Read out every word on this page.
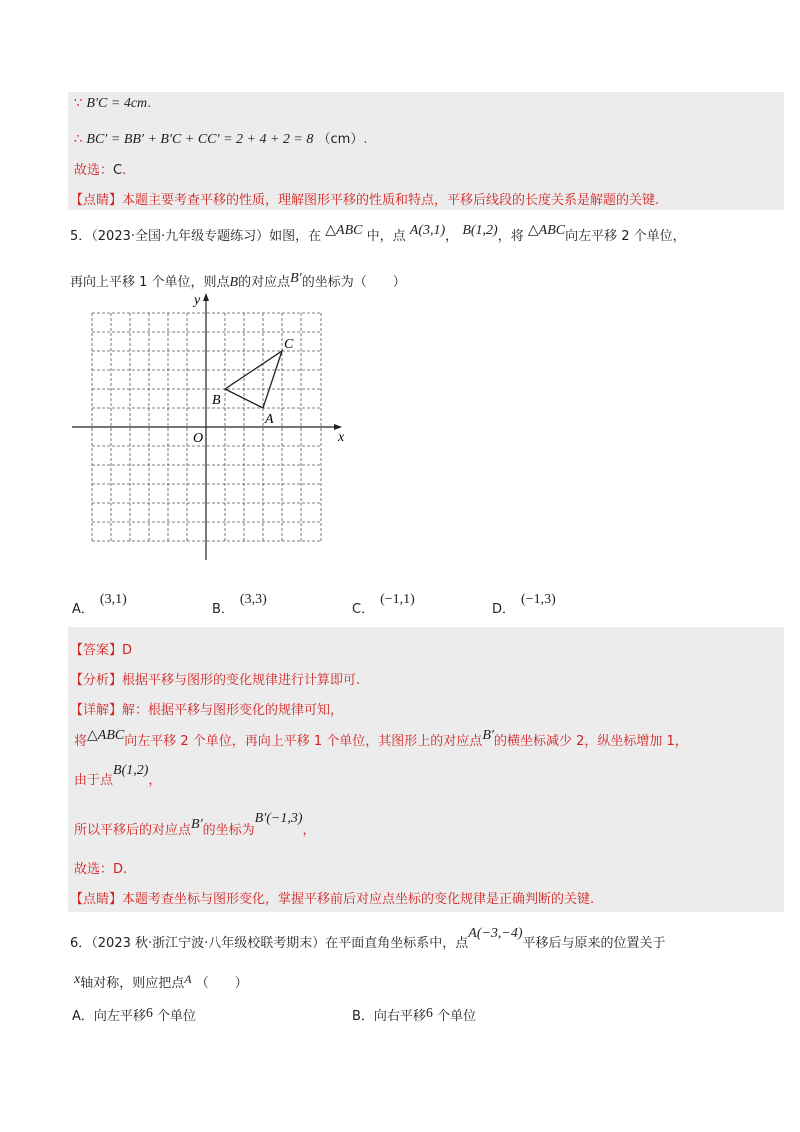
∵ B′C = 4cm.
∴ BC′ = BB′ + B′C + CC′ = 2 + 4 + 2 = 8 （cm）.
故选：C.
【点睛】本题主要考查平移的性质，理解图形平移的性质和特点，平移后线段的长度关系是解题的关键.
5．（2023·全国·九年级专题练习）如图，在 △ABC 中，点 A(3,1)， B(1,2)，将 △ABC向左平移 2 个单位，
再向上平移 1 个单位，则点B的对应点B′的坐标为（　　）
x
y
O
A
B
C
A．(3,1)
B．(3,3)
C．(−1,1)
D．(−1,3)
【答案】D
【分析】根据平移与图形的变化规律进行计算即可.
【详解】解：根据平移与图形变化的规律可知，
将△ABC向左平移 2 个单位，再向上平移 1 个单位，其图形上的对应点B′的横坐标减少 2，纵坐标增加 1，
由于点B(1,2)，
所以平移后的对应点B′的坐标为B′(−1,3)，
故选：D.
【点睛】本题考查坐标与图形变化，掌握平移前后对应点坐标的变化规律是正确判断的关键.
6．（2023 秋·浙江宁波·八年级校联考期末）在平面直角坐标系中，点A(−3,−4)平移后与原来的位置关于
x轴对称，则应把点A （　　）
A．向左平移6 个单位	B．向右平移6 个单位
